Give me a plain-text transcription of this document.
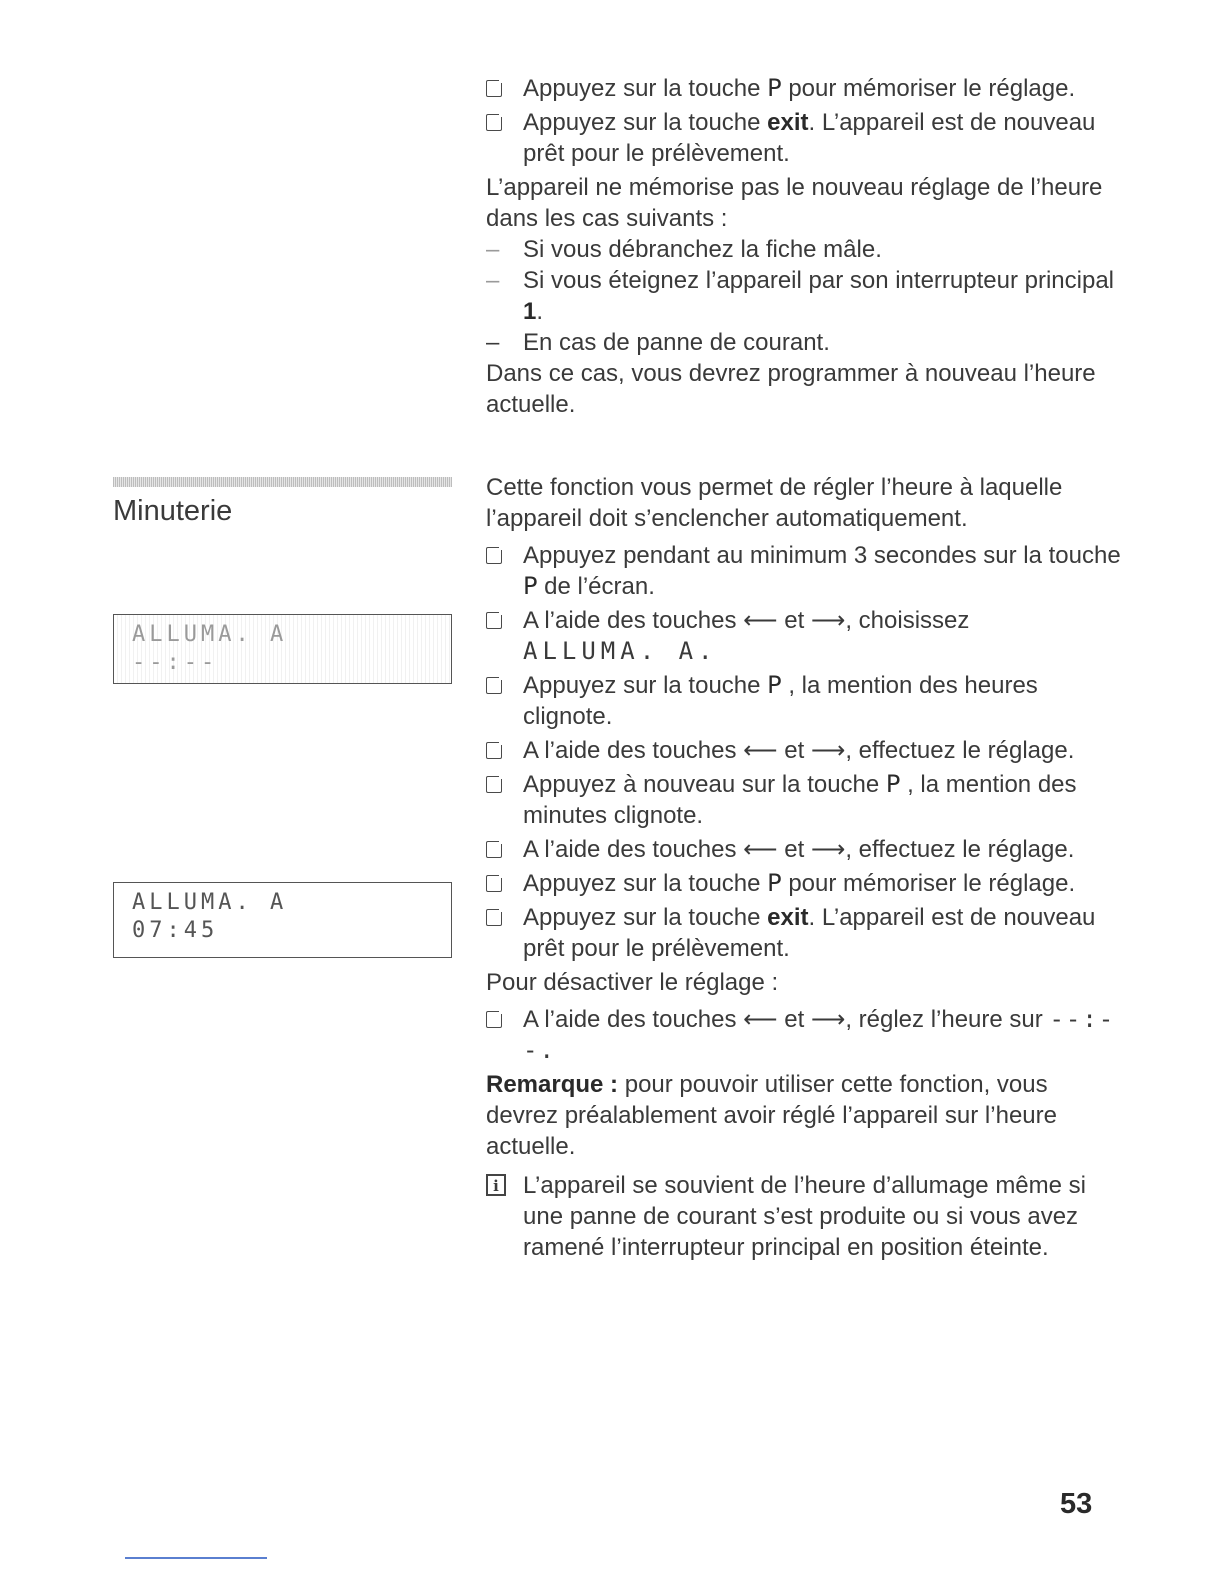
Appuyez sur la touche P pour mémoriser le réglage.
Appuyez sur la touche exit. L’appareil est de nouveau prêt pour le prélèvement.

L’appareil ne mémorise pas le nouveau réglage de l’heure dans les cas suivants :

– Si vous débranchez la fiche mâle.
– Si vous éteignez l’appareil par son interrupteur principal 1.
– En cas de panne de courant.

Dans ce cas, vous devrez programmer à nouveau l’heure actuelle.

Minuterie
ALLUMA. A
--:--
ALLUMA. A
07:45

Cette fonction vous permet de régler l’heure à laquelle l’appareil doit s’enclencher automatiquement.

Appuyez pendant au minimum 3 secondes sur la touche P de l’écran.
A l’aide des touches ⟵ et ⟶, choisissez
ALLUMA. A.
Appuyez sur la touche P , la mention des heures clignote.
A l’aide des touches ⟵ et ⟶, effectuez le réglage.
Appuyez à nouveau sur la touche P , la mention des minutes clignote.
A l’aide des touches ⟵ et ⟶, effectuez le réglage.
Appuyez sur la touche P pour mémoriser le réglage.
Appuyez sur la touche exit. L’appareil est de nouveau prêt pour le prélèvement.

Pour désactiver le réglage :

A l’aide des touches ⟵ et ⟶, réglez l’heure sur --:--.

Remarque : pour pouvoir utiliser cette fonction, vous devrez préalablement avoir réglé l’appareil sur l’heure actuelle.

i L’appareil se souvient de l’heure d’allumage même si une panne de courant s’est produite ou si vous avez ramené l’interrupteur principal en position éteinte.
53
